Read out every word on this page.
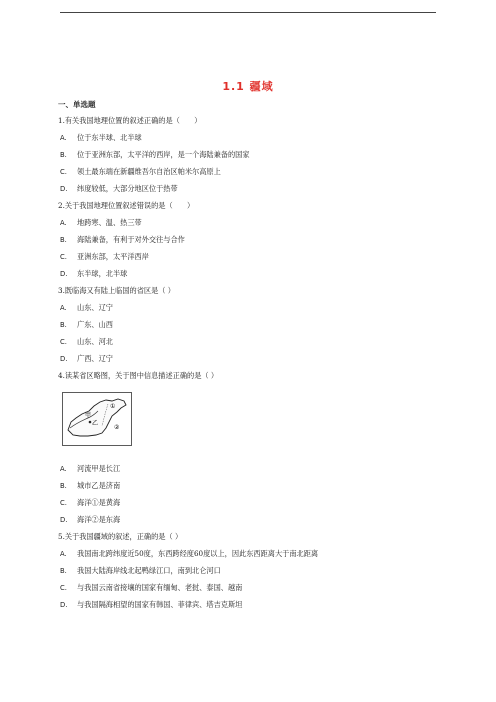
1.1 疆域
一、单选题
1.有关我国地理位置的叙述正确的是（　　）
A. 位于东半球、北半球
B. 位于亚洲东部，太平洋的西岸，是一个海陆兼备的国家
C. 领土最东端在新疆维吾尔自治区帕米尔高原上
D. 纬度较低，大部分地区位于热带
2.关于我国地理位置叙述错误的是（　　）
A. 地跨寒、温、热三带
B. 海陆兼备，有利于对外交往与合作
C. 亚洲东部，太平洋西岸
D. 东半球，北半球
3.既临海又有陆上临国的省区是（ ）
A. 山东、辽宁
B. 广东、山西
C. 山东、河北
D. 广西、辽宁
4.读某省区略图，关于图中信息描述正确的是（ ）
甲
乙
①
②
A. 河流甲是长江
B. 城市乙是济南
C. 海洋①是黄海
D. 海洋②是东海
5.关于我国疆域的叙述，正确的是（ ）
A. 我国南北跨纬度近50度，东西跨经度60度以上，因此东西距离大于南北距离
B. 我国大陆海岸线北起鸭绿江口，南到北仑河口
C. 与我国云南省接壤的国家有缅甸、老挝、泰国、越南
D. 与我国隔海相望的国家有韩国、菲律宾、塔吉克斯坦
